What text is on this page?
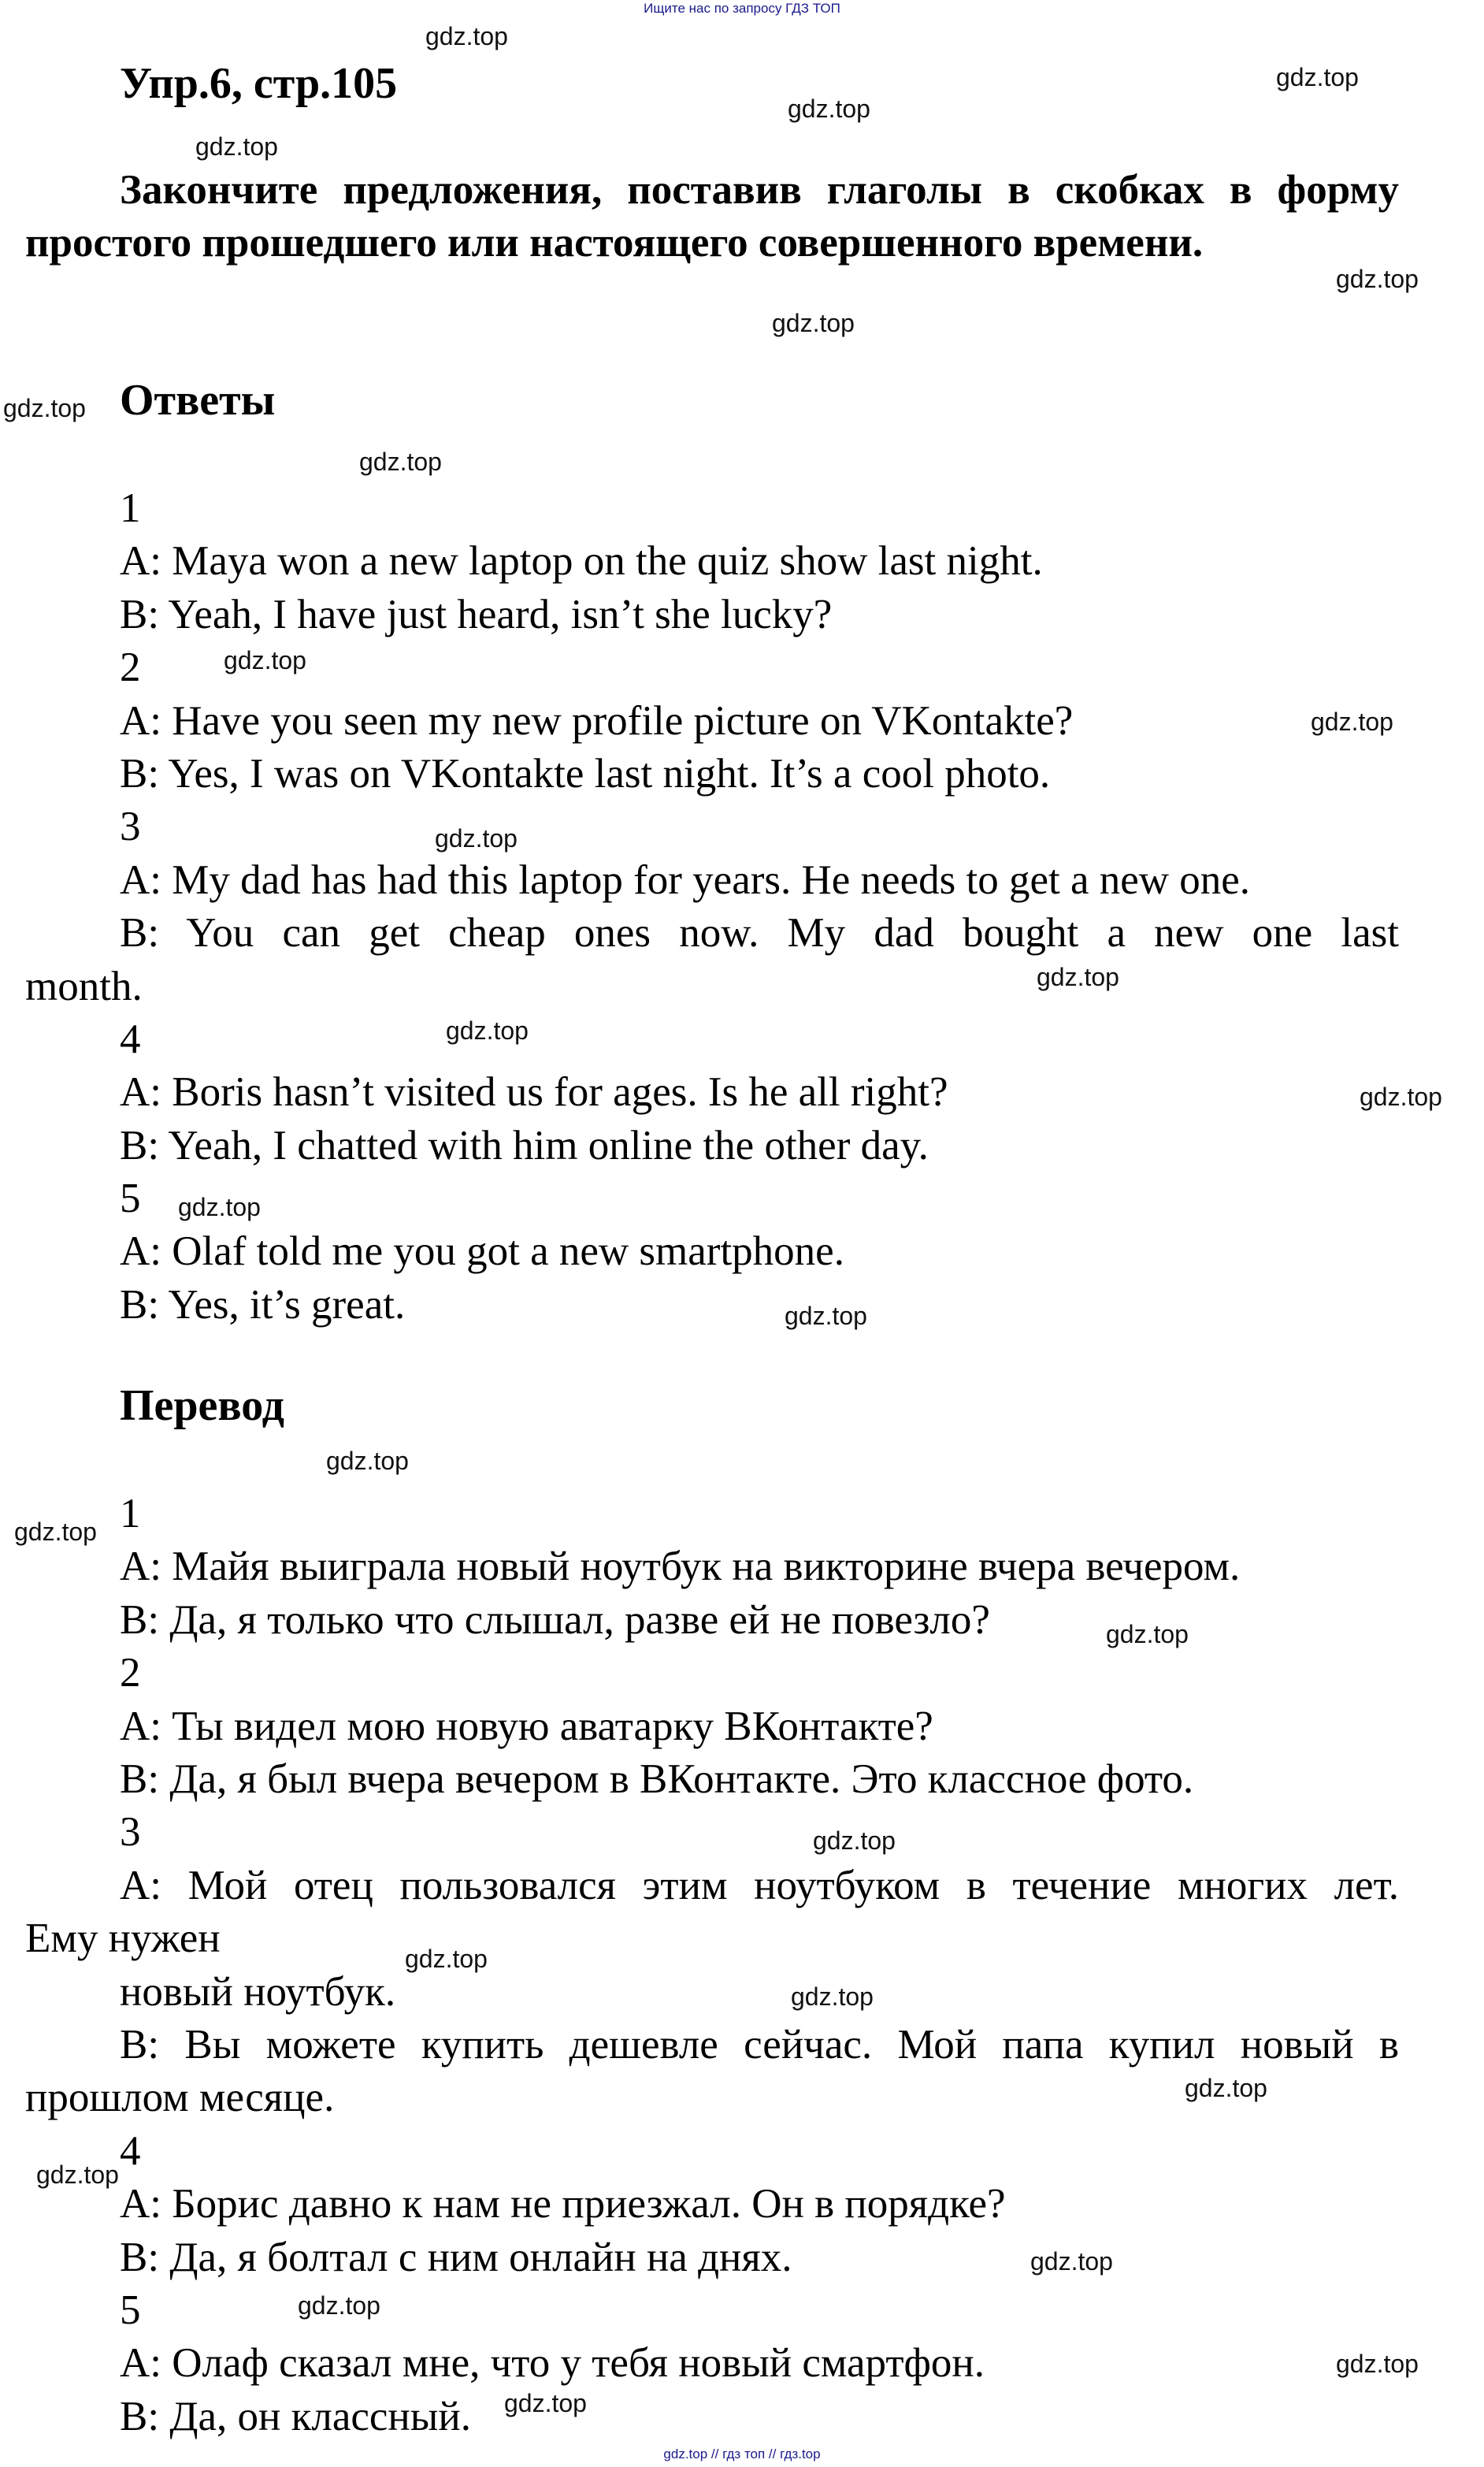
Ищите нас по запросу ГДЗ ТОП
gdz.top // гдз топ // гдз.top
Упр.6, стр.105
Закончите предложения, поставив глаголы в скобках в форму простого прошедшего или настоящего совершенного времени.
Ответы
1
A: Maya won a new laptop on the quiz show last night.
B: Yeah, I have just heard, isn’t she lucky?
2
A: Have you seen my new profile picture on VKontakte?
B: Yes, I was on VKontakte last night. It’s a cool photo.
3
A: My dad has had this laptop for years. He needs to get a new one.
B: You can get cheap ones now. My dad bought a new one last
month.
4
A: Boris hasn’t visited us for ages. Is he all right?
B: Yeah, I chatted with him online the other day.
5
A: Olaf told me you got a new smartphone.
B: Yes, it’s great.
Перевод
1
А: Майя выиграла новый ноутбук на викторине вчера вечером.
B: Да, я только что слышал, разве ей не повезло?
2
А: Ты видел мою новую аватарку ВКонтакте?
В: Да, я был вчера вечером в ВКонтакте. Это классное фото.
3
А: Мой отец пользовался этим ноутбуком в течение многих лет.
Ему нужен
новый ноутбук.
В: Вы можете купить дешевле сейчас. Мой папа купил новый в
прошлом месяце.
4
А: Борис давно к нам не приезжал. Он в порядке?
В: Да, я болтал с ним онлайн на днях.
5
А: Олаф сказал мне, что у тебя новый смартфон.
В: Да, он классный.
gdz.top
gdz.top
gdz.top
gdz.top
gdz.top
gdz.top
gdz.top
gdz.top
gdz.top
gdz.top
gdz.top
gdz.top
gdz.top
gdz.top
gdz.top
gdz.top
gdz.top
gdz.top
gdz.top
gdz.top
gdz.top
gdz.top
gdz.top
gdz.top
gdz.top
gdz.top
gdz.top
gdz.top
